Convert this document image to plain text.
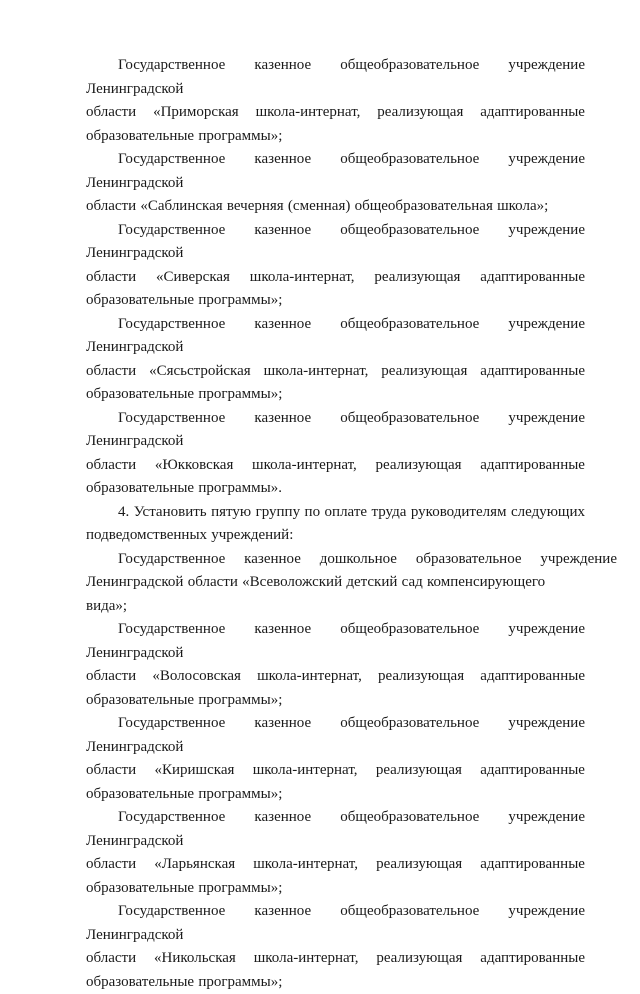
Государственное казенное общеобразовательное учреждение Ленинградской
области «Приморская школа-интернат, реализующая адаптированные
образовательные программы»;
Государственное казенное общеобразовательное учреждение Ленинградской
области «Саблинская вечерняя (сменная) общеобразовательная школа»;
Государственное казенное общеобразовательное учреждение Ленинградской
области «Сиверская школа-интернат, реализующая адаптированные
образовательные программы»;
Государственное казенное общеобразовательное учреждение Ленинградской
области «Сясьстройская школа-интернат, реализующая адаптированные
образовательные программы»;
Государственное казенное общеобразовательное учреждение Ленинградской
области «Юкковская школа-интернат, реализующая адаптированные
образовательные программы».
4. Установить пятую группу по оплате труда руководителям следующих
подведомственных учреждений:
Государственное казенное дошкольное образовательное учреждение
Ленинградской области «Всеволожский детский сад компенсирующего вида»;
Государственное казенное общеобразовательное учреждение Ленинградской
области «Волосовская школа-интернат, реализующая адаптированные
образовательные программы»;
Государственное казенное общеобразовательное учреждение Ленинградской
области «Киришская школа-интернат, реализующая адаптированные
образовательные программы»;
Государственное казенное общеобразовательное учреждение Ленинградской
области «Ларьянская школа-интернат, реализующая адаптированные
образовательные программы»;
Государственное казенное общеобразовательное учреждение Ленинградской
области «Никольская школа-интернат, реализующая адаптированные
образовательные программы»;
